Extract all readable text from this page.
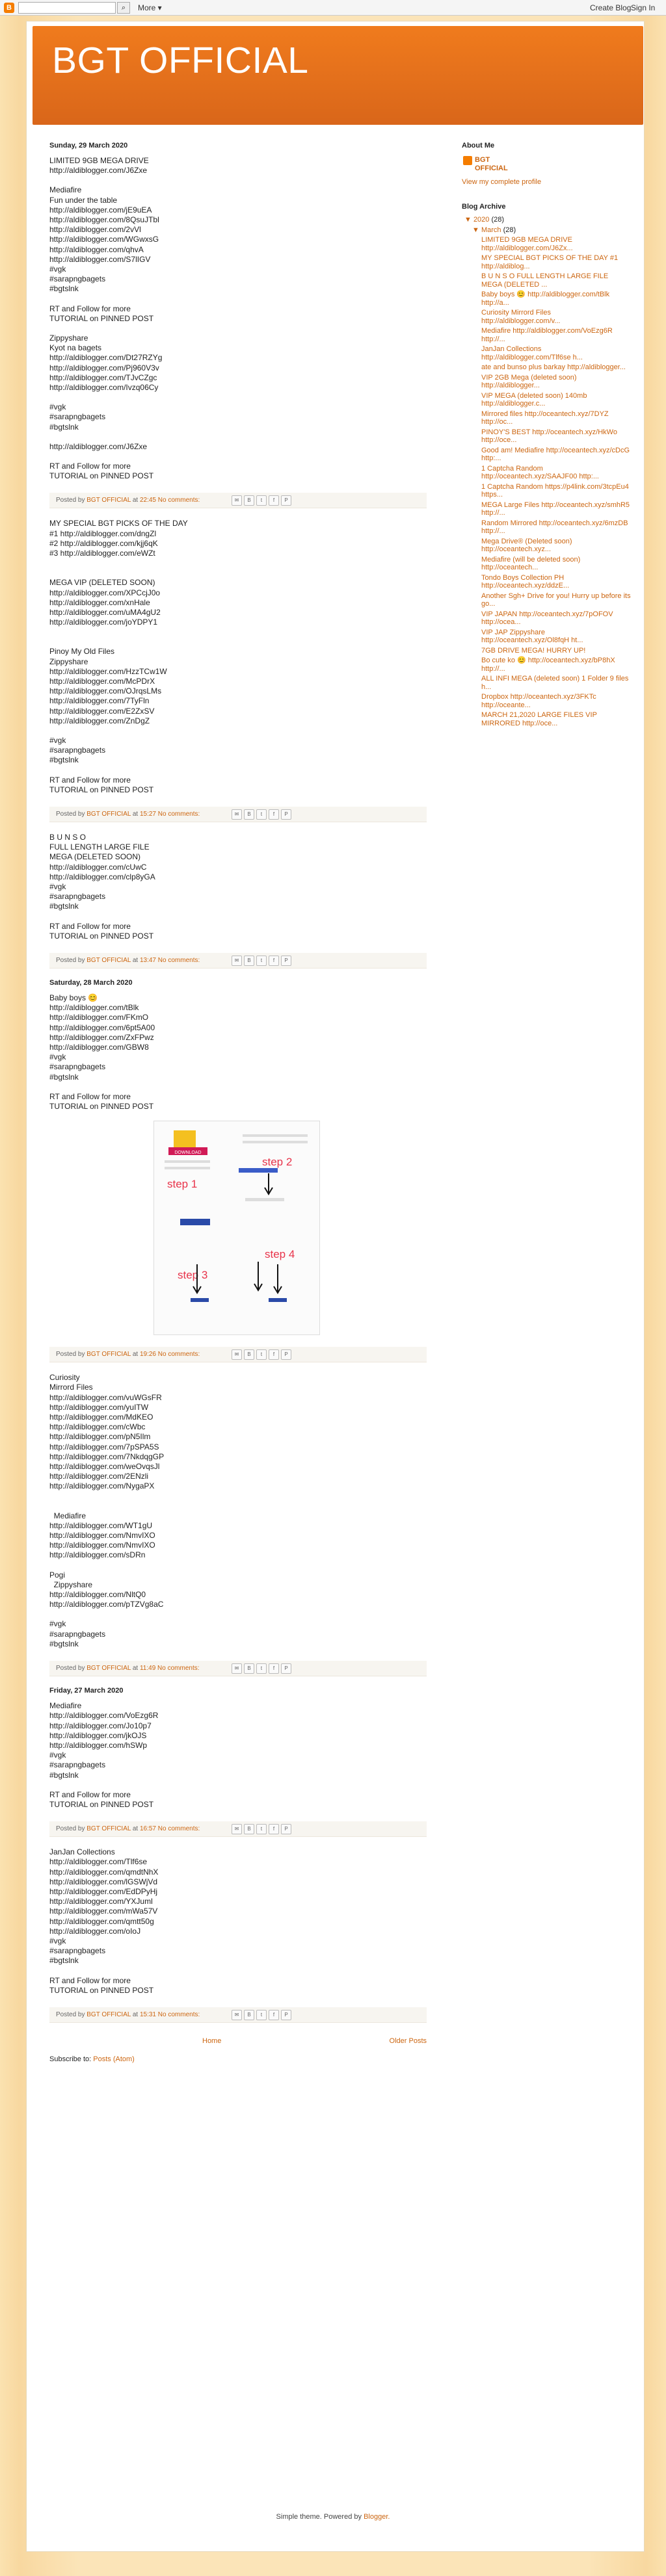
B	⌕	More ▾	Create Blog Sign In
BGT OFFICIAL
Sunday, 29 March 2020
LIMITED 9GB MEGA DRIVE
http://aldiblogger.com/J6Zxe
Mediafire
Fun under the table
http://aldiblogger.com/jE9uEA
http://aldiblogger.com/8QsuJTbl
http://aldiblogger.com/2vVl
http://aldiblogger.com/WGwxsG
http://aldiblogger.com/qhvA
http://aldiblogger.com/S7lIGV
#vgk
#sarapngbagets
#bgtslnk
RT and Follow for more
TUTORIAL on PINNED POST
Zippyshare
Kyot na bagets
http://aldiblogger.com/Dt27RZYg
http://aldiblogger.com/Pj960V3v
http://aldiblogger.com/TJvCZgc
http://aldiblogger.com/Ivzq06Cy
#vgk
#sarapngbagets
#bgtslnk
http://aldiblogger.com/J6Zxe
RT and Follow for more
TUTORIAL on PINNED POST
Posted by BGT OFFICIAL at 22:45 No comments:	✉ B t f P
MY SPECIAL BGT PICKS OF THE DAY
#1 http://aldiblogger.com/dngZl
#2 http://aldiblogger.com/kjj6qK
#3 http://aldiblogger.com/eWZt
MEGA VIP (DELETED SOON)
http://aldiblogger.com/XPCcjJ0o
http://aldiblogger.com/xnHale
http://aldiblogger.com/uMA4gU2
http://aldiblogger.com/joYDPY1
Pinoy My Old Files
Zippyshare
http://aldiblogger.com/HzzTCw1W
http://aldiblogger.com/McPDrX
http://aldiblogger.com/OJrqsLMs
http://aldiblogger.com/7TyFln
http://aldiblogger.com/E2ZxSV
http://aldiblogger.com/ZnDgZ
#vgk
#sarapngbagets
#bgtslnk
RT and Follow for more
TUTORIAL on PINNED POST
Posted by BGT OFFICIAL at 15:27 No comments:	✉ B t f P
B U N S O
FULL LENGTH LARGE FILE
MEGA (DELETED SOON)
http://aldiblogger.com/cUwC
http://aldiblogger.com/clp8yGA
#vgk
#sarapngbagets
#bgtslnk
RT and Follow for more
TUTORIAL on PINNED POST
Posted by BGT OFFICIAL at 13:47 No comments:	✉ B t f P
Saturday, 28 March 2020
Baby boys 😊
http://aldiblogger.com/tBlk
http://aldiblogger.com/FKmO
http://aldiblogger.com/6pt5A00
http://aldiblogger.com/ZxFPwz
http://aldiblogger.com/GBW8
#vgk
#sarapngbagets
#bgtslnk
RT and Follow for more
TUTORIAL on PINNED POST
DOWNLOAD
step 1
step 2
step 3
step 4
Posted by BGT OFFICIAL at 19:26 No comments:	✉ B t f P
Curiosity
Mirrord Files
http://aldiblogger.com/vuWGsFR
http://aldiblogger.com/yuITW
http://aldiblogger.com/MdKEO
http://aldiblogger.com/cWbc
http://aldiblogger.com/pN5Ilm
http://aldiblogger.com/7pSPA5S
http://aldiblogger.com/7NkdqgGP
http://aldiblogger.com/weOvqsJl
http://aldiblogger.com/2ENzli
http://aldiblogger.com/NygaPX
Mediafire
http://aldiblogger.com/WT1gU
http://aldiblogger.com/NmvIXO
http://aldiblogger.com/NmvIXO
http://aldiblogger.com/sDRn
Pogi
Zippyshare
http://aldiblogger.com/NltQ0
http://aldiblogger.com/pTZVg8aC
#vgk
#sarapngbagets
#bgtslnk
Posted by BGT OFFICIAL at 11:49 No comments:	✉ B t f P
Friday, 27 March 2020
Mediafire
http://aldiblogger.com/VoEzg6R
http://aldiblogger.com/Jo10p7
http://aldiblogger.com/jkOJS
http://aldiblogger.com/hSWp
#vgk
#sarapngbagets
#bgtslnk
RT and Follow for more
TUTORIAL on PINNED POST
Posted by BGT OFFICIAL at 16:57 No comments:	✉ B t f P
JanJan Collections
http://aldiblogger.com/Tlf6se
http://aldiblogger.com/qmdtNhX
http://aldiblogger.com/lGSWjVd
http://aldiblogger.com/EdDPyHj
http://aldiblogger.com/YXJuml
http://aldiblogger.com/mWa57V
http://aldiblogger.com/qmtt50g
http://aldiblogger.com/oIoJ
#vgk
#sarapngbagets
#bgtslnk
RT and Follow for more
TUTORIAL on PINNED POST
Posted by BGT OFFICIAL at 15:31 No comments:	✉ B t f P
Home	Older Posts
Subscribe to: Posts (Atom)
About Me
BGT OFFICIAL
View my complete profile
Blog Archive
▼ 2020 (28)
▼ March (28)
LIMITED 9GB MEGA DRIVE http://aldiblogger.com/J6Zx...
MY SPECIAL BGT PICKS OF THE DAY #1 http://aldiblog...
B U N S O FULL LENGTH LARGE FILE MEGA (DELETED ...
Baby boys 😊 http://aldiblogger.com/tBlk http://a...
Curiosity Mirrord Files http://aldiblogger.com/v...
Mediafire http://aldiblogger.com/VoEzg6R http://...
JanJan Collections http://aldiblogger.com/Tlf6se h...
ate and bunso plus barkay http://aldiblogger...
VIP 2GB Mega (deleted soon) http://aldiblogger...
VIP MEGA (deleted soon) 140mb http://aldiblogger.c...
Mirrored files http://oceantech.xyz/7DYZ http://oc...
PINOY'S BEST http://oceantech.xyz/HkWo http://oce...
Good am! Mediafire http://oceantech.xyz/cDcG http:...
1 Captcha Random http://oceantech.xyz/SAAJF00 http:...
1 Captcha Random https://p4link.com/3tcpEu4 https...
MEGA Large Files http://oceantech.xyz/smhR5 http://...
Random Mirrored http://oceantech.xyz/6mzDB http://...
Mega Drive® (Deleted soon) http://oceantech.xyz...
Mediafire (will be deleted soon) http://oceantech...
Tondo Boys Collection PH http://oceantech.xyz/ddzE...
Another Sgh+ Drive for you! Hurry up before its go...
VIP JAPAN http://oceantech.xyz/7pOFOV http://ocea...
VIP JAP Zippyshare http://oceantech.xyz/Ol8fqH ht...
7GB DRIVE MEGA! HURRY UP!
Bo cute ko 😊 http://oceantech.xyz/bP8hX http://...
ALL INFI MEGA (deleted soon) 1 Folder 9 files h...
Dropbox http://oceantech.xyz/3FKTc http://oceante...
MARCH 21,2020 LARGE FILES VIP MIRRORED http://oce...
Simple theme. Powered by Blogger.
